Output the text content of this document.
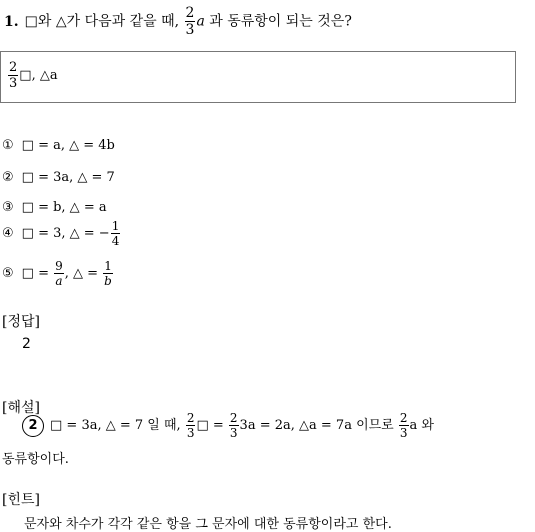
1. □와 △가 다음과 같을 때, $\frac{2}{3}$ a 과 동류항이 되는 것은?
$\frac{2}{3}$ □, △a
① □ = a, △ = 4b
② □ = 3a, △ = 7
③ □ = b, △ = a
④ □ = 3, △ = − $\frac{1}{4}$
⑤ □ = $\frac{9}{a}$ , △ = $\frac{1}{b}$
[정답]
2
[해설]
2 □ = 3a, △ = 7 일 때, $\frac{2}{3}$ □ = $\frac{2}{3} 3a = 2a$, △a = 7a 이므로 $\frac{2}{3}$ a 와
동류항이다.
[힌트]
문자와 차수가 각각 같은 항을 그 문자에 대한 동류항이라고 한다.
